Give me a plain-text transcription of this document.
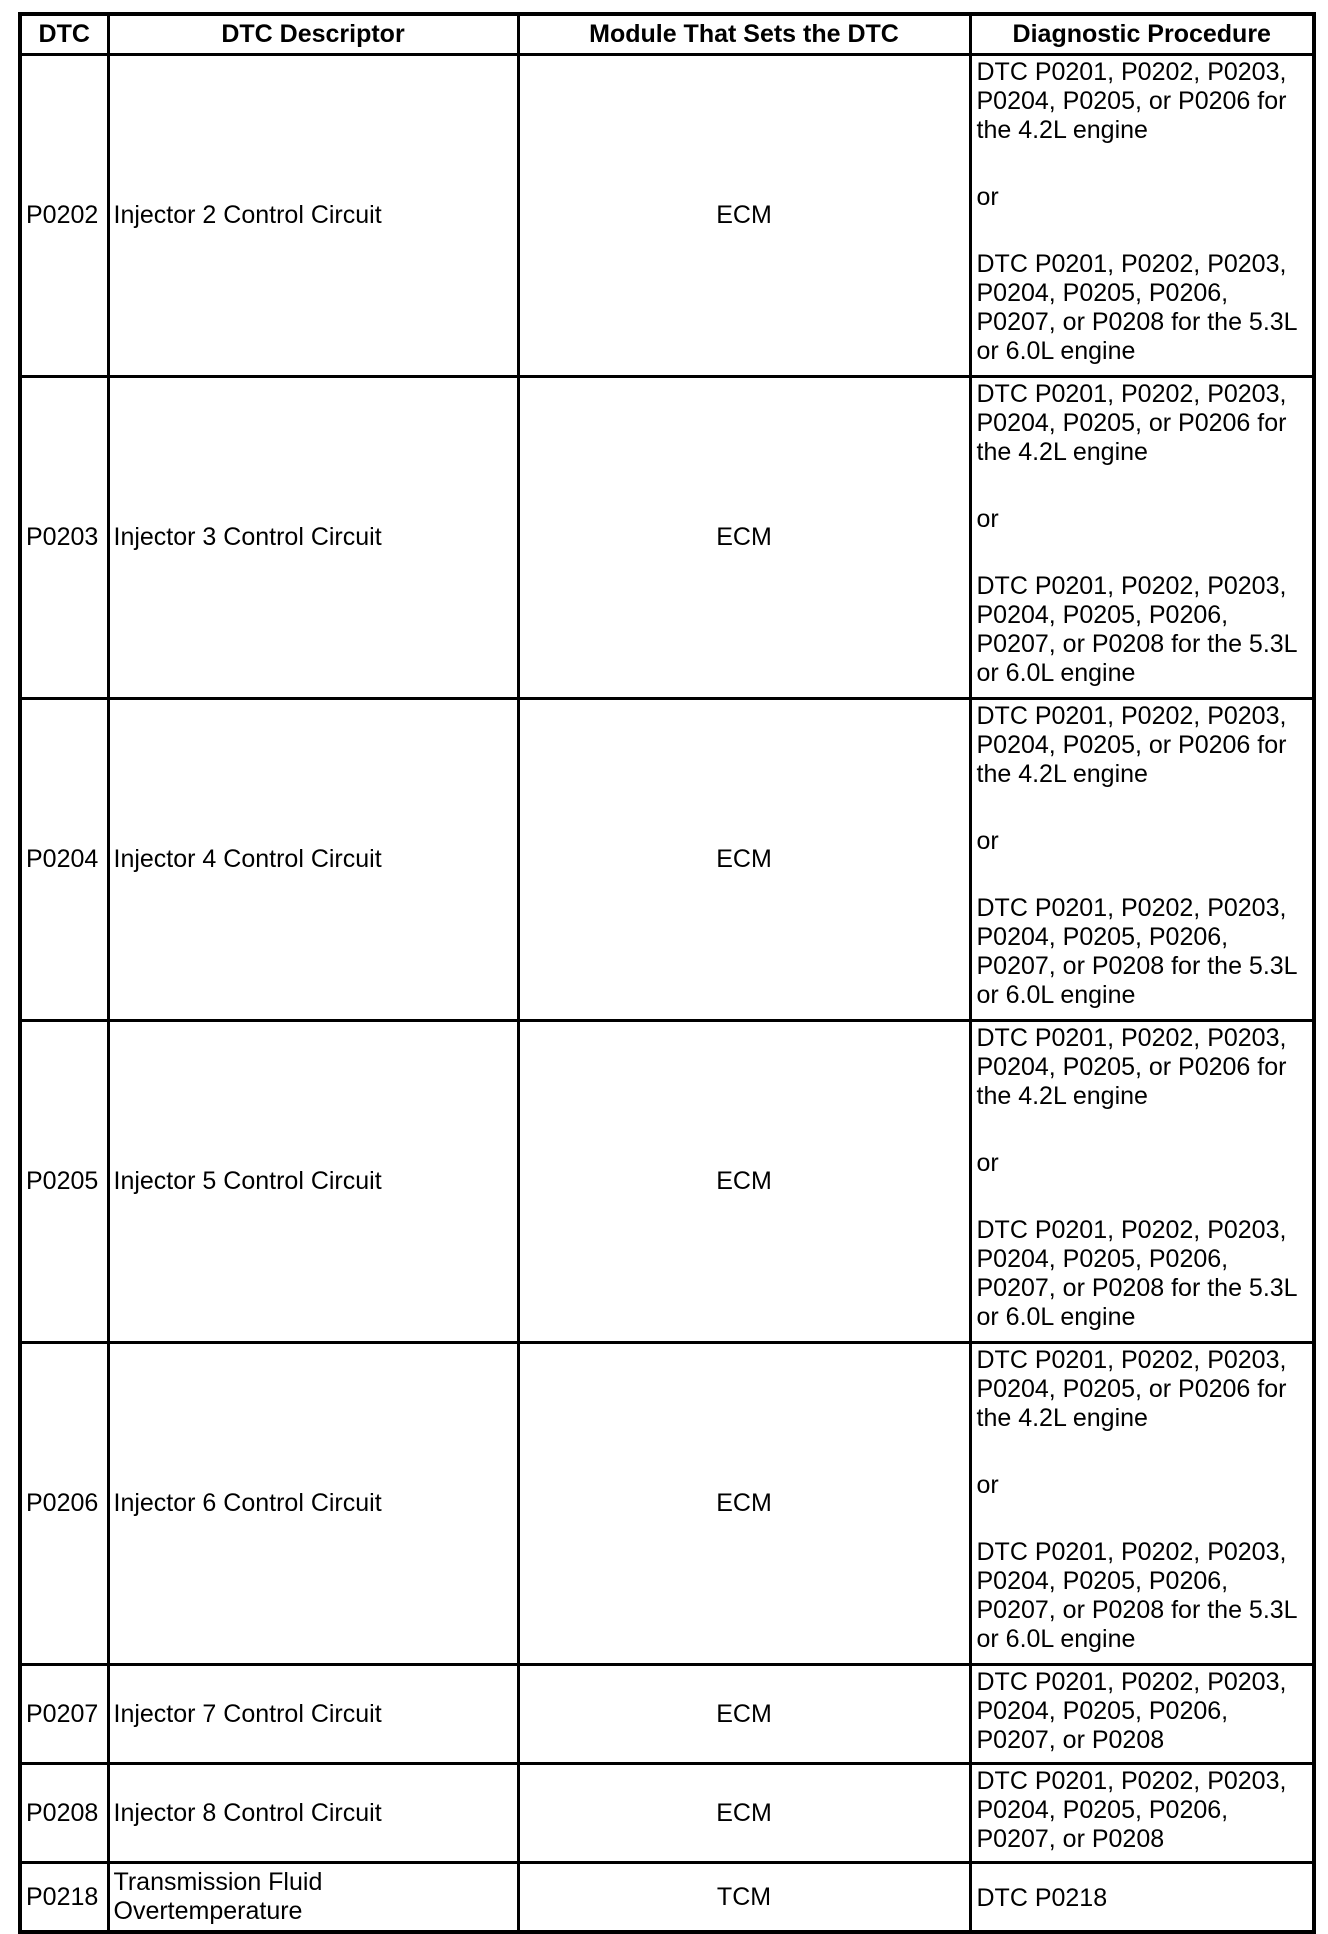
DTC	DTC Descriptor	Module That Sets the DTC	Diagnostic Procedure
P0202	Injector 2 Control Circuit	ECM	DTC P0201, P0202, P0203, P0204, P0205, or P0206 for the 4.2L engine
or
DTC P0201, P0202, P0203, P0204, P0205, P0206, P0207, or P0208 for the 5.3L or 6.0L engine

P0203	Injector 3 Control Circuit	ECM	DTC P0201, P0202, P0203, P0204, P0205, or P0206 for the 4.2L engine
or
DTC P0201, P0202, P0203, P0204, P0205, P0206, P0207, or P0208 for the 5.3L or 6.0L engine

P0204	Injector 4 Control Circuit	ECM	DTC P0201, P0202, P0203, P0204, P0205, or P0206 for the 4.2L engine
or
DTC P0201, P0202, P0203, P0204, P0205, P0206, P0207, or P0208 for the 5.3L or 6.0L engine

P0205	Injector 5 Control Circuit	ECM	DTC P0201, P0202, P0203, P0204, P0205, or P0206 for the 4.2L engine
or
DTC P0201, P0202, P0203, P0204, P0205, P0206, P0207, or P0208 for the 5.3L or 6.0L engine

P0206	Injector 6 Control Circuit	ECM	DTC P0201, P0202, P0203, P0204, P0205, or P0206 for the 4.2L engine
or
DTC P0201, P0202, P0203, P0204, P0205, P0206, P0207, or P0208 for the 5.3L or 6.0L engine

P0207	Injector 7 Control Circuit	ECM	DTC P0201, P0202, P0203, P0204, P0205, P0206, P0207, or P0208
P0208	Injector 8 Control Circuit	ECM	DTC P0201, P0202, P0203, P0204, P0205, P0206, P0207, or P0208
P0218	Transmission Fluid Overtemperature	TCM	DTC P0218
